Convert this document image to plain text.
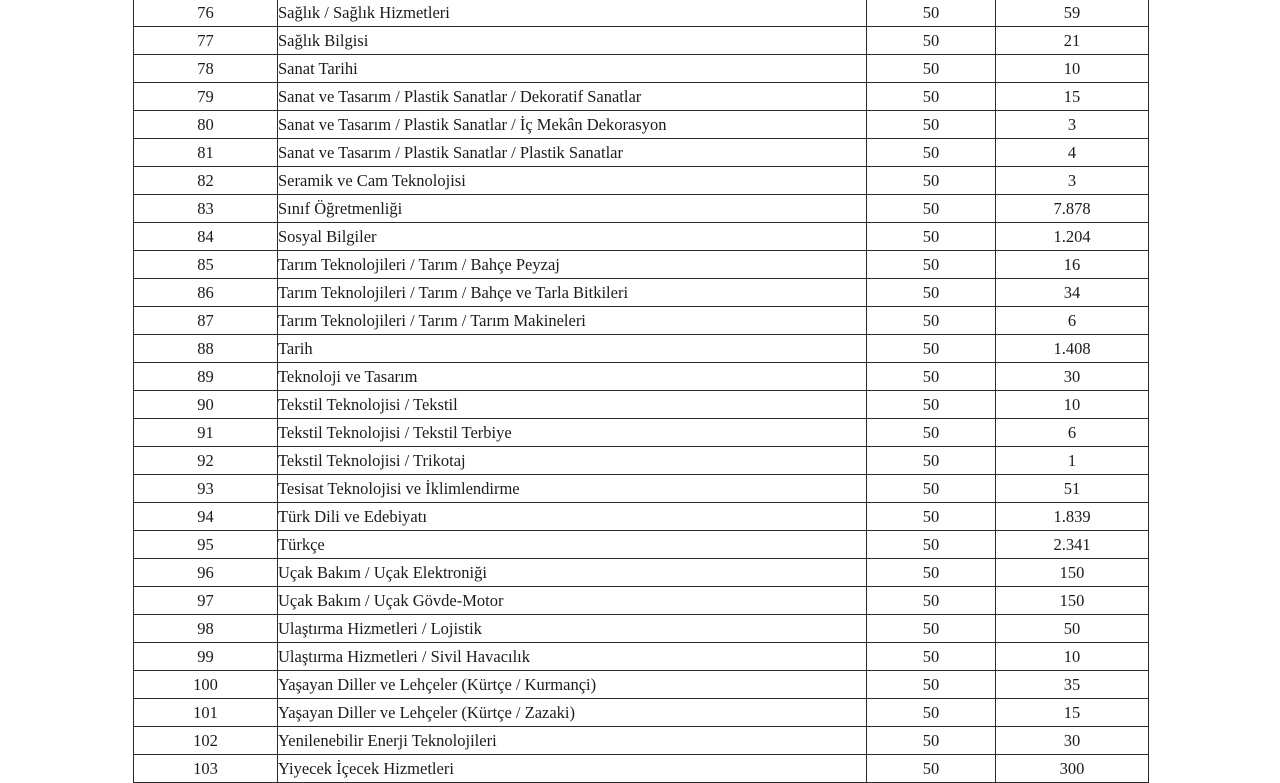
76	Sağlık / Sağlık Hizmetleri	50	59
77	Sağlık Bilgisi	50	21
78	Sanat Tarihi	50	10
79	Sanat ve Tasarım / Plastik Sanatlar / Dekoratif Sanatlar	50	15
80	Sanat ve Tasarım / Plastik Sanatlar / İç Mekân Dekorasyon	50	3
81	Sanat ve Tasarım / Plastik Sanatlar / Plastik Sanatlar	50	4
82	Seramik ve Cam Teknolojisi	50	3
83	Sınıf Öğretmenliği	50	7.878
84	Sosyal Bilgiler	50	1.204
85	Tarım Teknolojileri / Tarım / Bahçe Peyzaj	50	16
86	Tarım Teknolojileri / Tarım / Bahçe ve Tarla Bitkileri	50	34
87	Tarım Teknolojileri / Tarım / Tarım Makineleri	50	6
88	Tarih	50	1.408
89	Teknoloji ve Tasarım	50	30
90	Tekstil Teknolojisi / Tekstil	50	10
91	Tekstil Teknolojisi / Tekstil Terbiye	50	6
92	Tekstil Teknolojisi / Trikotaj	50	1
93	Tesisat Teknolojisi ve İklimlendirme	50	51
94	Türk Dili ve Edebiyatı	50	1.839
95	Türkçe	50	2.341
96	Uçak Bakım / Uçak Elektroniği	50	150
97	Uçak Bakım / Uçak Gövde-Motor	50	150
98	Ulaştırma Hizmetleri / Lojistik	50	50
99	Ulaştırma Hizmetleri / Sivil Havacılık	50	10
100	Yaşayan Diller ve Lehçeler (Kürtçe / Kurmançi)	50	35
101	Yaşayan Diller ve Lehçeler (Kürtçe / Zazaki)	50	15
102	Yenilenebilir Enerji Teknolojileri	50	30
103	Yiyecek İçecek Hizmetleri	50	300
